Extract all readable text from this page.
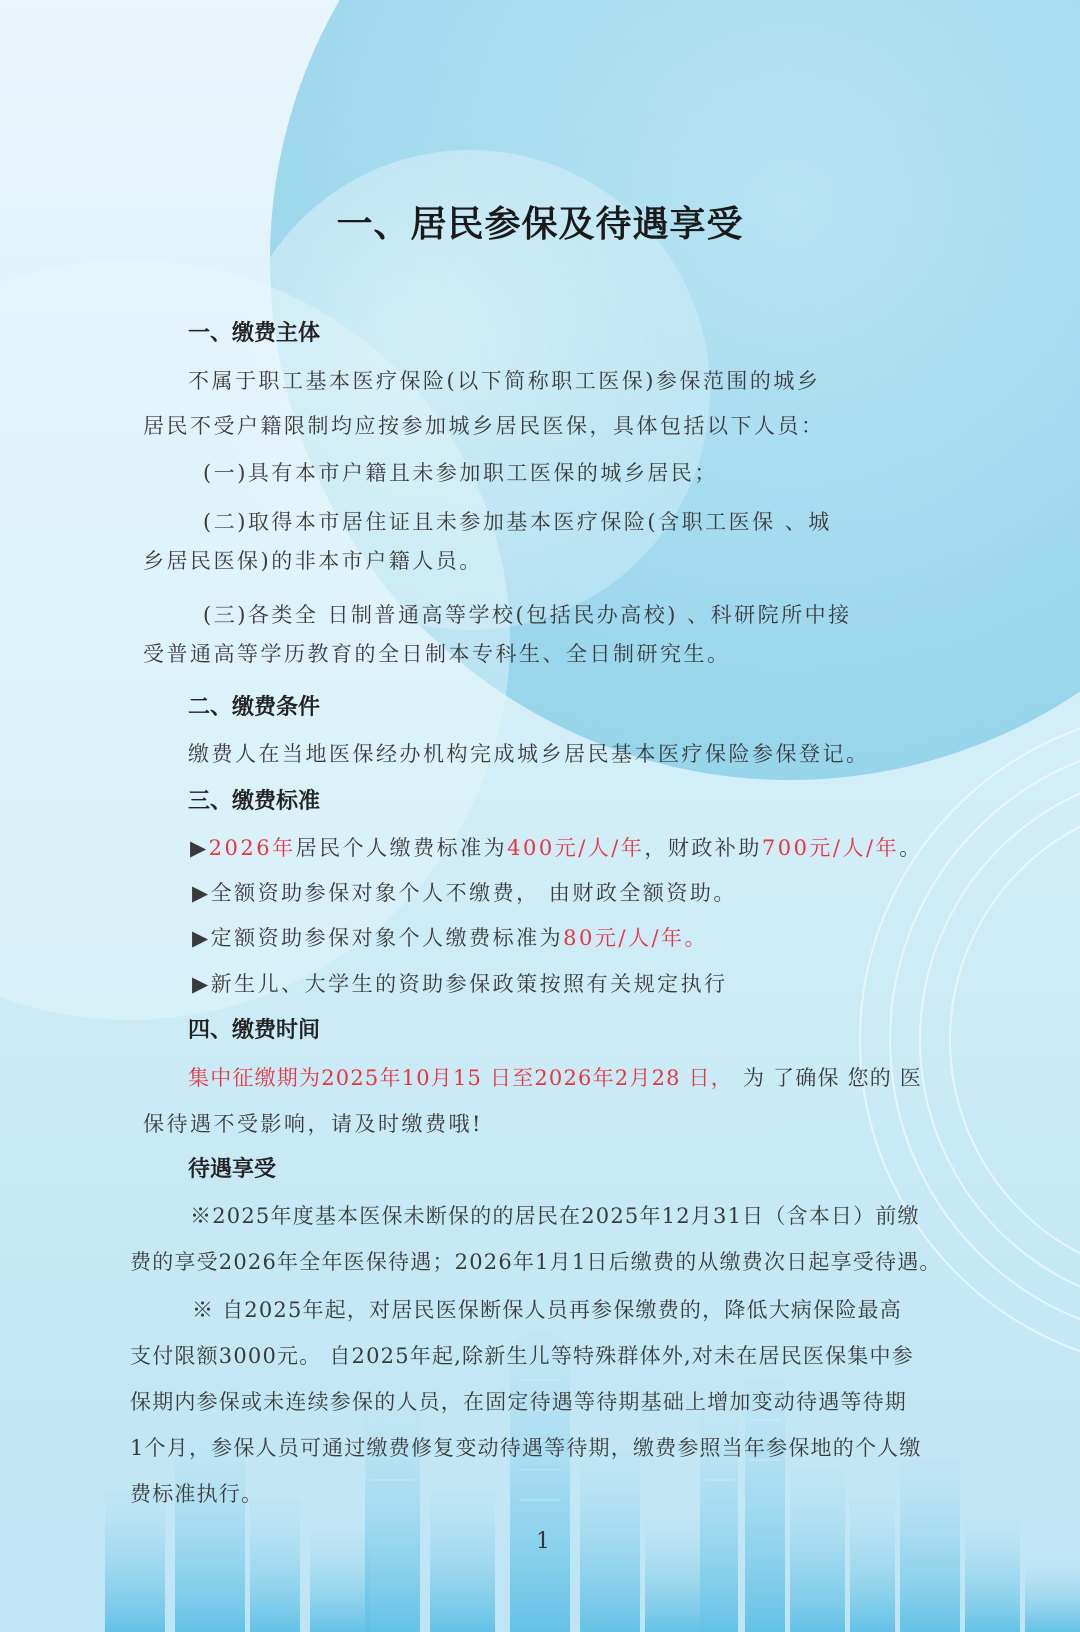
一、居民参保及待遇享受
一、缴费主体
不属于职工基本医疗保险(以下简称职工医保)参保范围的城乡
居民不受户籍限制均应按参加城乡居民医保，具体包括以下人员：
(一)具有本市户籍且未参加职工医保的城乡居民；
(二)取得本市居住证且未参加基本医疗保险(含职工医保 、城
乡居民医保)的非本市户籍人员。
(三)各类全 日制普通高等学校(包括民办高校) 、科研院所中接
受普通高等学历教育的全日制本专科生、全日制研究生。
二、缴费条件
缴费人在当地医保经办机构完成城乡居民基本医疗保险参保登记。
三、缴费标准
▶2026年居民个人缴费标准为400元/人/年，财政补助700元/人/年。
▶全额资助参保对象个人不缴费， 由财政全额资助。
▶定额资助参保对象个人缴费标准为80元/人/年。
▶新生儿、大学生的资助参保政策按照有关规定执行
四、缴费时间
集中征缴期为2025年10月15 日至2026年2月28 日， 为 了确保 您的 医
保待遇不受影响，请及时缴费哦!
待遇享受
※2025年度基本医保未断保的的居民在2025年12月31日（含本日）前缴
费的享受2026年全年医保待遇；2026年1月1日后缴费的从缴费次日起享受待遇。
※ 自2025年起，对居民医保断保人员再参保缴费的，降低大病保险最高
支付限额3000元。 自2025年起,除新生儿等特殊群体外,对未在居民医保集中参
保期内参保或未连续参保的人员，在固定待遇等待期基础上增加变动待遇等待期
1个月，参保人员可通过缴费修复变动待遇等待期，缴费参照当年参保地的个人缴
费标准执行。
1
